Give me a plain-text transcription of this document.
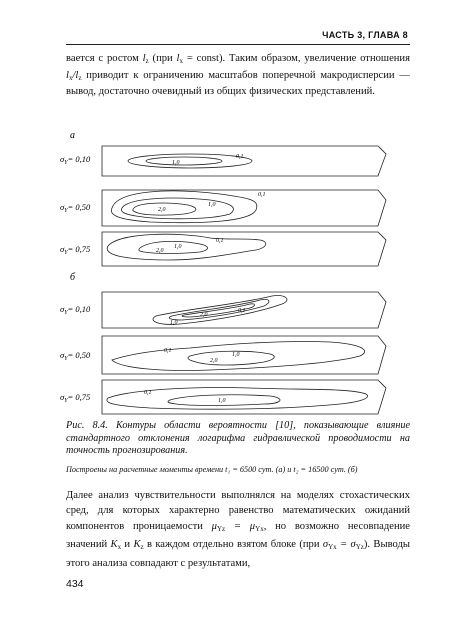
ЧАСТЬ 3, ГЛАВА 8

вается с ростом $l_z$ (при $l_x$ = const). Таким образом, увеличение отношения $l_x/l_z$ приводит к ограничению масштабов поперечной макродисперсии — вывод, достаточно очевидный из общих физических представлений.

a
$\sigma_Y= 0,10$	1,0
0,1
$\sigma_Y= 0,50$	1,0
2,0
0,1
$\sigma_Y= 0,75$	1,0
2,0
0,1
б
$\sigma_Y= 0,10$
1,0
2,0
0,1
$\sigma_Y= 0,50$	0,1
1,0
2,0
$\sigma_Y= 0,75$	0,1
1,0
Рис. 8.4. Контуры области вероятности [10], показывающие влияние стандартного отклонения логарифма гидравлической проводимости на точность прогнозирования.
Построены на расчетные моменты времени t₁ = 6500 сут. (а) и t₂ = 16500 сут. (б)

Далее анализ чувствительности выполнялся на моделях стохастических сред, для которых характерно равенство математических ожиданий компонентов проницаемости $\mu_{Yz} = \mu_{Yx}$, но возможно несовпадение значений $K_x$ и $K_z$ в каждом отдельно взятом блоке (при $\sigma_{Yx} = \sigma_{Yz}$). Выводы этого анализа совпадают с результатами,

434
